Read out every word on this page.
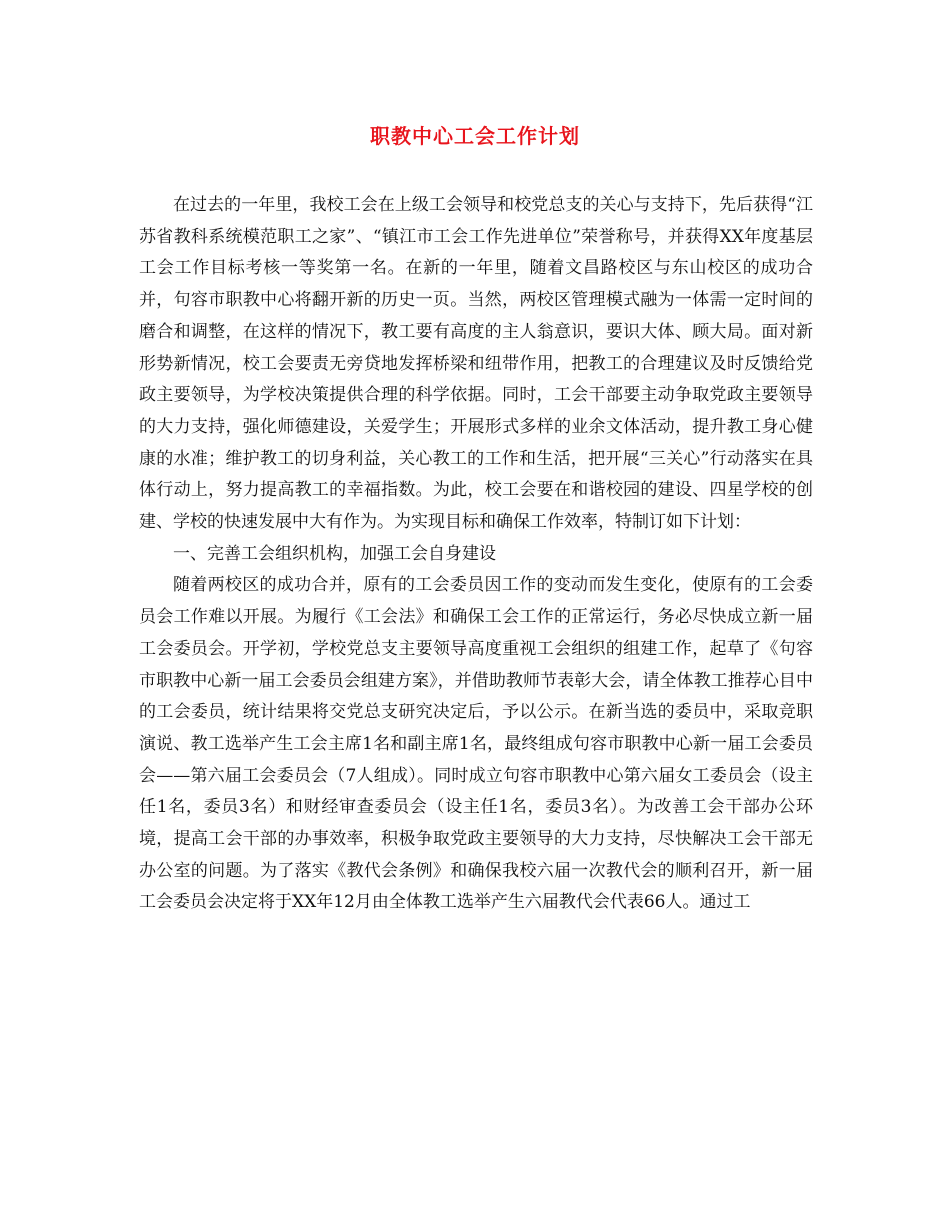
职教中心工会工作计划

在过去的一年里，我校工会在上级工会领导和校党总支的关心与支持下，先后获得“江苏省教科系统模范职工之家”、“镇江市工会工作先进单位”荣誉称号，并获得XX年度基层工会工作目标考核一等奖第一名。在新的一年里，随着文昌路校区与东山校区的成功合并，句容市职教中心将翻开新的历史一页。当然，两校区管理模式融为一体需一定时间的磨合和调整，在这样的情况下，教工要有高度的主人翁意识，要识大体、顾大局。面对新形势新情况，校工会要责无旁贷地发挥桥梁和纽带作用，把教工的合理建议及时反馈给党政主要领导，为学校决策提供合理的科学依据。同时，工会干部要主动争取党政主要领导的大力支持，强化师德建设，关爱学生；开展形式多样的业余文体活动，提升教工身心健康的水准；维护教工的切身利益，关心教工的工作和生活，把开展“三关心”行动落实在具体行动上，努力提高教工的幸福指数。为此，校工会要在和谐校园的建设、四星学校的创建、学校的快速发展中大有作为。为实现目标和确保工作效率，特制订如下计划：

一、完善工会组织机构，加强工会自身建设

随着两校区的成功合并，原有的工会委员因工作的变动而发生变化，使原有的工会委员会工作难以开展。为履行《工会法》和确保工会工作的正常运行，务必尽快成立新一届工会委员会。开学初，学校党总支主要领导高度重视工会组织的组建工作，起草了《句容市职教中心新一届工会委员会组建方案》，并借助教师节表彰大会，请全体教工推荐心目中的工会委员，统计结果将交党总支研究决定后，予以公示。在新当选的委员中，采取竞职演说、教工选举产生工会主席1名和副主席1名，最终组成句容市职教中心新一届工会委员会——第六届工会委员会（7人组成）。同时成立句容市职教中心第六届女工委员会（设主任1名，委员3名）和财经审查委员会（设主任1名，委员3名）。为改善工会干部办公环境，提高工会干部的办事效率，积极争取党政主要领导的大力支持，尽快解决工会干部无办公室的问题。为了落实《教代会条例》和确保我校六届一次教代会的顺利召开，新一届工会委员会决定将于XX年12月由全体教工选举产生六届教代会代表66人。通过工
